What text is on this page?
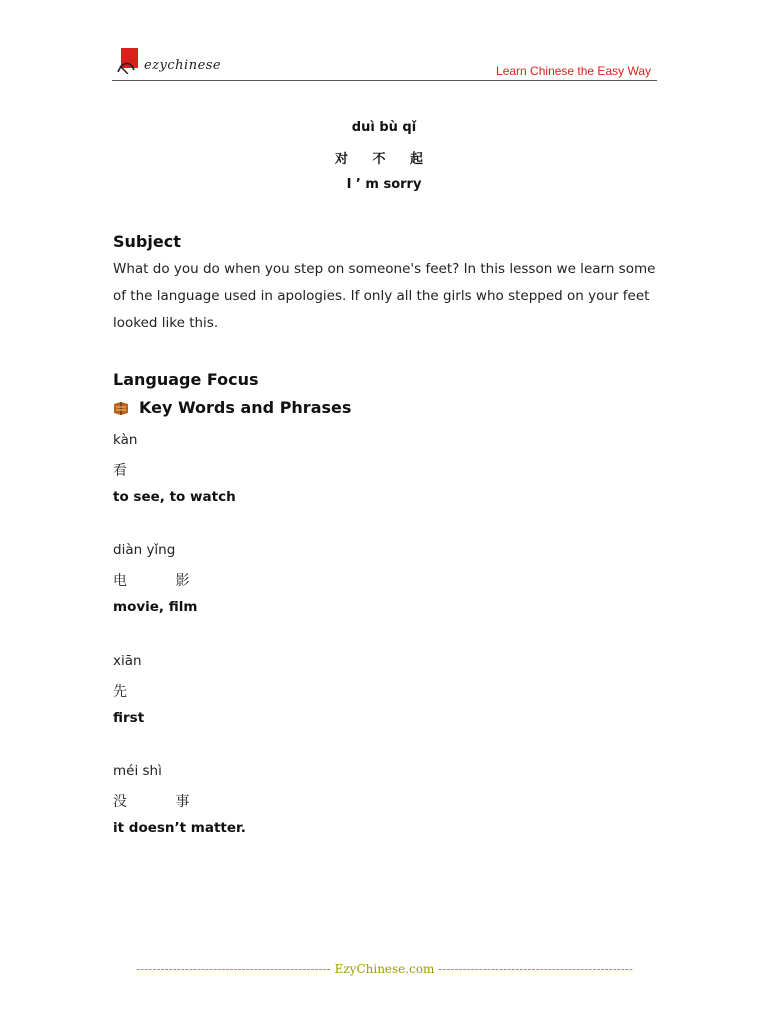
ezychinese	Learn Chinese the Easy Way
duì bù qǐ
对 不 起
I ’ m sorry
Subject
What do you do when you step on someone's feet? In this lesson we learn some
of the language used in apologies. If only all the girls who stepped on your feet
looked like this.
Language Focus
Key Words and Phrases
kàn
看
to see, to watch
diàn yǐng
电 影
movie, film
xiān
先
first
méi shì
没 事
it doesn’t matter.
------------------------------------------------ EzyChinese.com ------------------------------------------------
